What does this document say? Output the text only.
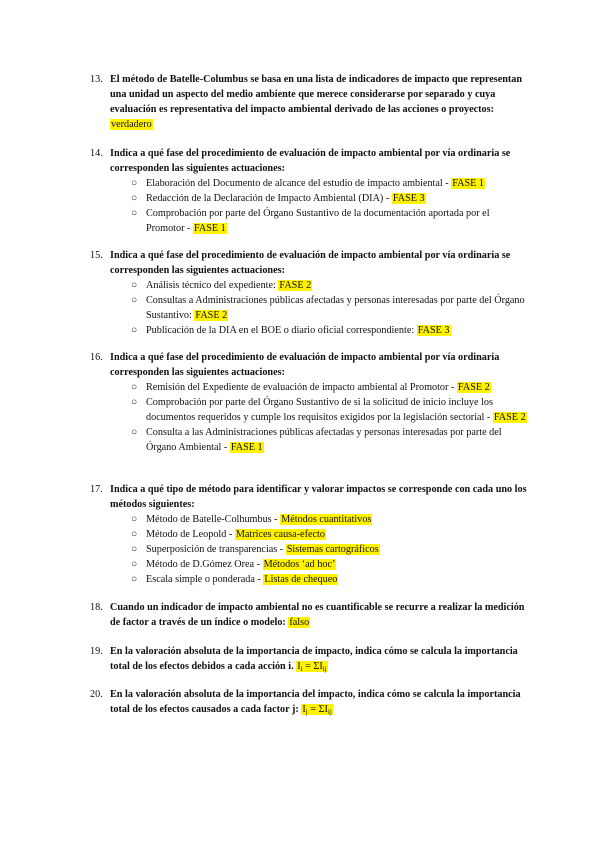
13. El método de Batelle-Columbus se basa en una lista de indicadores de impacto que representan una unidad un aspecto del medio ambiente que merece considerarse por separado y cuya evaluación es representativa del impacto ambiental derivado de las acciones o proyectos: verdadero
14. Indica a qué fase del procedimiento de evaluación de impacto ambiental por vía ordinaria se corresponden las siguientes actuaciones:
○ Elaboración del Documento de alcance del estudio de impacto ambiental - FASE 1
○ Redacción de la Declaración de Impacto Ambiental (DIA) - FASE 3
○ Comprobación por parte del Órgano Sustantivo de la documentación aportada por el Promotor - FASE 1
15. Indica a qué fase del procedimiento de evaluación de impacto ambiental por vía ordinaria se corresponden las siguientes actuaciones:
○ Análisis técnico del expediente: FASE 2
○ Consultas a Administraciones públicas afectadas y personas interesadas por parte del Órgano Sustantivo: FASE 2
○ Publicación de la DIA en el BOE o diario oficial correspondiente: FASE 3
16. Indica a qué fase del procedimiento de evaluación de impacto ambiental por vía ordinaria corresponden las siguientes actuaciones:
○ Remisión del Expediente de evaluación de impacto ambiental al Promotor - FASE 2
○ Comprobación por parte del Órgano Sustantivo de si la solicitud de inicio incluye los documentos requeridos y cumple los requisitos exigidos por la legislación sectorial - FASE 2
○ Consulta a las Administraciones públicas afectadas y personas interesadas por parte del Órgano Ambiental - FASE 1
17. Indica a qué tipo de método para identificar y valorar impactos se corresponde con cada uno los métodos siguientes:
○ Método de Batelle-Colhumbus - Métodos cuantitativos
○ Método de Leopold - Matrices causa-efecto
○ Superposición de transparencias - Sistemas cartográficos
○ Método de D.Gómez Orea - Métodos ‘ad hoc’
○ Escala simple o ponderada - Listas de chequeo
18. Cuando un indicador de impacto ambiental no es cuantificable se recurre a realizar la medición de factor a través de un índice o modelo: falso
19. En la valoración absoluta de la importancia de impacto, indica cómo se calcula la importancia total de los efectos debidos a cada acción i. $I_i = \Sigma I_{ij}$
20. En la valoración absoluta de la importancia del impacto, indica cómo se calcula la importancia total de los efectos causados a cada factor j: $I_j = \Sigma I_{ij}$
